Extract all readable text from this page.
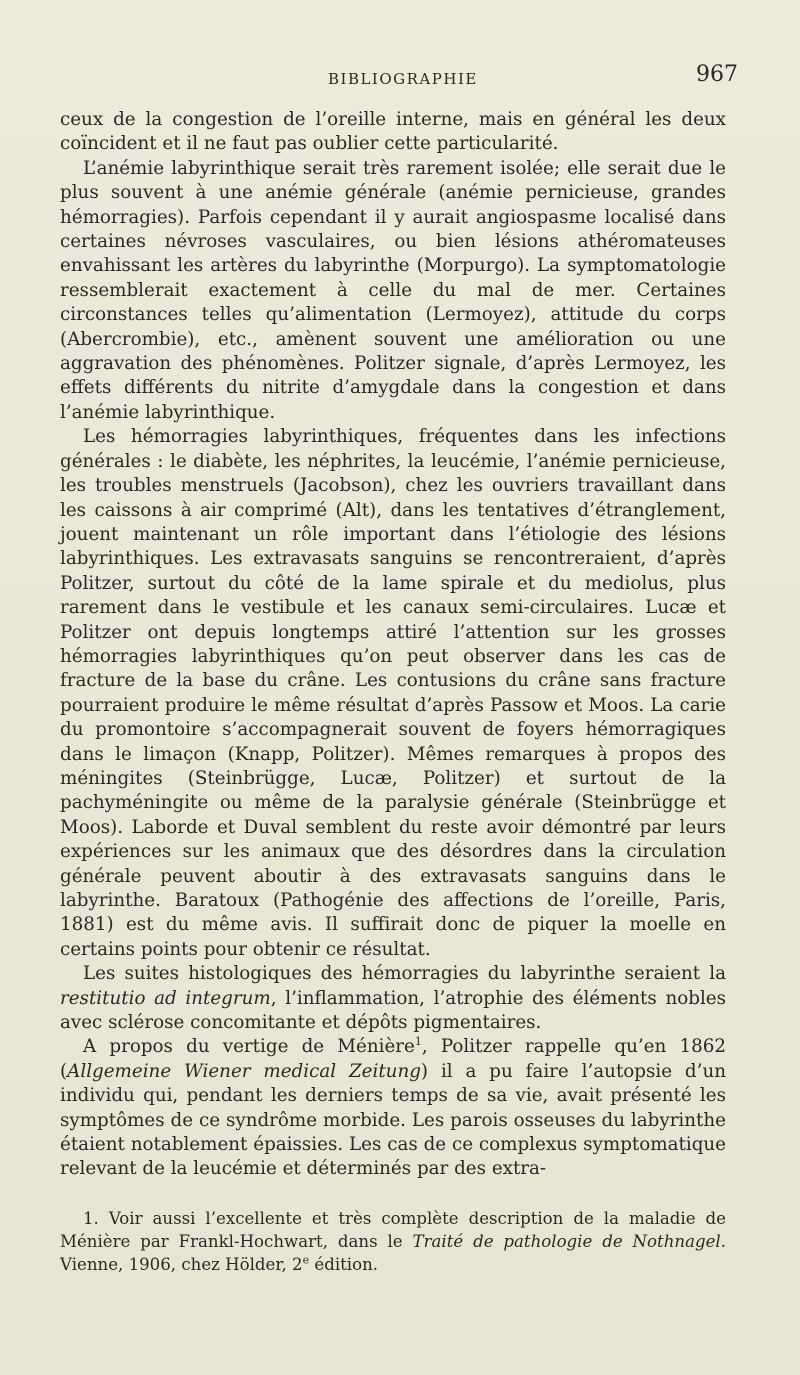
BIBLIOGRAPHIE	967

ceux de la congestion de l’oreille interne, mais en général les deux coïncident et il ne faut pas oublier cette particularité.

L’anémie labyrinthique serait très rarement isolée; elle serait due le plus souvent à une anémie générale (anémie pernicieuse, grandes hémorragies). Parfois cependant il y aurait angiospasme localisé dans certaines névroses vasculaires, ou bien lésions athéromateuses envahissant les artères du labyrinthe (Morpurgo). La symptomatologie ressemblerait exactement à celle du mal de mer. Certaines circonstances telles qu’alimentation (Lermoyez), attitude du corps (Abercrombie), etc., amènent souvent une amélioration ou une aggravation des phénomènes. Politzer signale, d’après Lermoyez, les effets différents du nitrite d’amygdale dans la congestion et dans l’anémie labyrinthique.

Les hémorragies labyrinthiques, fréquentes dans les infections générales : le diabète, les néphrites, la leucémie, l’anémie pernicieuse, les troubles menstruels (Jacobson), chez les ouvriers travaillant dans les caissons à air comprimé (Alt), dans les tentatives d’étranglement, jouent maintenant un rôle important dans l’étiologie des lésions labyrinthiques. Les extravasats sanguins se rencontreraient, d’après Politzer, surtout du côté de la lame spirale et du mediolus, plus rarement dans le vestibule et les canaux semi-circulaires. Lucæ et Politzer ont depuis longtemps attiré l’attention sur les grosses hémorragies labyrinthiques qu’on peut observer dans les cas de fracture de la base du crâne. Les contusions du crâne sans fracture pourraient produire le même résultat d’après Passow et Moos. La carie du promontoire s’accompagnerait souvent de foyers hémorragiques dans le limaçon (Knapp, Politzer). Mêmes remarques à propos des méningites (Steinbrügge, Lucæ, Politzer) et surtout de la pachyméningite ou même de la paralysie générale (Steinbrügge et Moos). Laborde et Duval semblent du reste avoir démontré par leurs expériences sur les animaux que des désordres dans la circulation générale peuvent aboutir à des extravasats sanguins dans le labyrinthe. Baratoux (Pathogénie des affections de l’oreille, Paris, 1881) est du même avis. Il suffirait donc de piquer la moelle en certains points pour obtenir ce résultat.

Les suites histologiques des hémorragies du labyrinthe seraient la restitutio ad integrum, l’inflammation, l’atrophie des éléments nobles avec sclérose concomitante et dépôts pigmentaires.

A propos du vertige de Ménière$^1$, Politzer rappelle qu’en 1862 (Allgemeine Wiener medical Zeitung) il a pu faire l’autopsie d’un individu qui, pendant les derniers temps de sa vie, avait présenté les symptômes de ce syndrôme morbide. Les parois osseuses du labyrinthe étaient notablement épaissies. Les cas de ce complexus symptomatique relevant de la leucémie et déterminés par des extra-

1. Voir aussi l’excellente et très complète description de la maladie de Ménière par Frankl-Hochwart, dans le Traité de pathologie de Nothnagel. Vienne, 1906, chez Hölder, 2e édition.
